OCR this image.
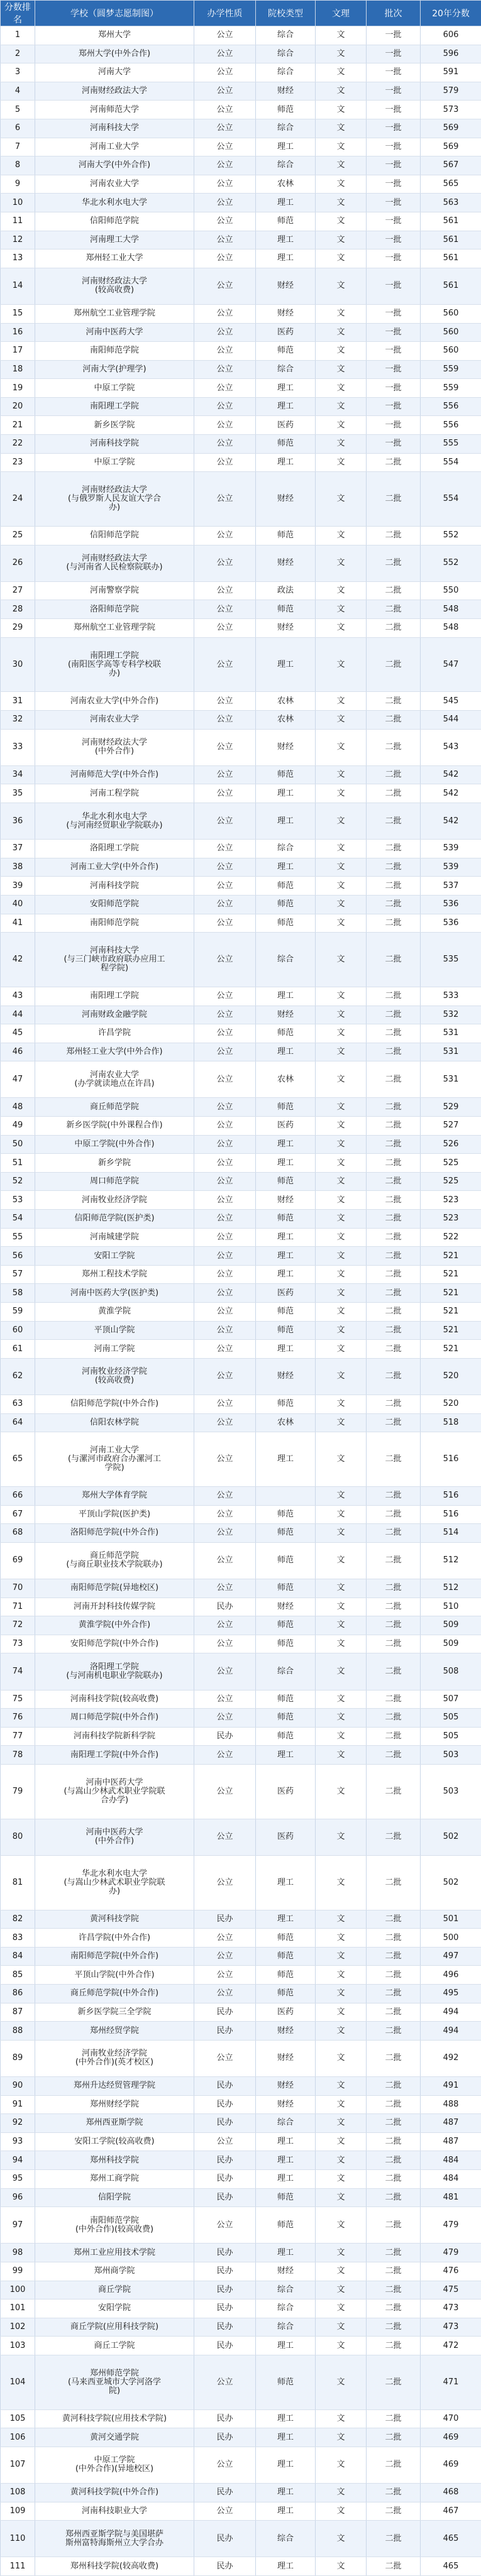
分数排名	学校（圆梦志愿制图）	办学性质	院校类型	文理	批次	20年分数
1	郑州大学	公立	综合	文	一批	606
2	郑州大学(中外合作)	公立	综合	文	一批	596
3	河南大学	公立	综合	文	一批	591
4	河南财经政法大学	公立	财经	文	一批	579
5	河南师范大学	公立	师范	文	一批	573
6	河南科技大学	公立	综合	文	一批	569
7	河南工业大学	公立	理工	文	一批	569
8	河南大学(中外合作)	公立	综合	文	一批	567
9	河南农业大学	公立	农林	文	一批	565
10	华北水利水电大学	公立	理工	文	一批	563
11	信阳师范学院	公立	师范	文	一批	561
12	河南理工大学	公立	理工	文	一批	561
13	郑州轻工业大学	公立	理工	文	一批	561
14	河南财经政法大学
(较高收费)	公立	财经	文	一批	561
15	郑州航空工业管理学院	公立	财经	文	一批	560
16	河南中医药大学	公立	医药	文	一批	560
17	南阳师范学院	公立	师范	文	一批	560
18	河南大学(护理学)	公立	综合	文	一批	559
19	中原工学院	公立	理工	文	一批	559
20	南阳理工学院	公立	理工	文	一批	556
21	新乡医学院	公立	医药	文	一批	556
22	河南科技学院	公立	师范	文	一批	555
23	中原工学院	公立	理工	文	二批	554
24	河南财经政法大学
(与俄罗斯人民友谊大学合
办)	公立	财经	文	二批	554
25	信阳师范学院	公立	师范	文	二批	552
26	河南财经政法大学
(与河南省人民检察院联办)	公立	财经	文	二批	552
27	河南警察学院	公立	政法	文	二批	550
28	洛阳师范学院	公立	师范	文	二批	548
29	郑州航空工业管理学院	公立	财经	文	二批	548
30	南阳理工学院
(南阳医学高等专科学校联
办)	公立	理工	文	二批	547
31	河南农业大学(中外合作)	公立	农林	文	二批	545
32	河南农业大学	公立	农林	文	二批	544
33	河南财经政法大学
(中外合作)	公立	财经	文	二批	543
34	河南师范大学(中外合作)	公立	师范	文	二批	542
35	河南工程学院	公立	理工	文	二批	542
36	华北水利水电大学
(与河南经贸职业学院联办)	公立	理工	文	二批	542
37	洛阳理工学院	公立	综合	文	二批	539
38	河南工业大学(中外合作)	公立	理工	文	二批	539
39	河南科技学院	公立	师范	文	二批	537
40	安阳师范学院	公立	师范	文	二批	536
41	南阳师范学院	公立	师范	文	二批	536
42	河南科技大学
(与三门峡市政府联办应用工
程学院)	公立	综合	文	二批	535
43	南阳理工学院	公立	理工	文	二批	533
44	河南财政金融学院	公立	财经	文	二批	532
45	许昌学院	公立	师范	文	二批	531
46	郑州轻工业大学(中外合作)	公立	理工	文	二批	531
47	河南农业大学
(办学就读地点在许昌)	公立	农林	文	二批	531
48	商丘师范学院	公立	师范	文	二批	529
49	新乡医学院(中外课程合作)	公立	医药	文	二批	527
50	中原工学院(中外合作)	公立	理工	文	二批	526
51	新乡学院	公立	理工	文	二批	525
52	周口师范学院	公立	师范	文	二批	525
53	河南牧业经济学院	公立	财经	文	二批	523
54	信阳师范学院(医护类)	公立	师范	文	二批	523
55	河南城建学院	公立	理工	文	二批	522
56	安阳工学院	公立	理工	文	二批	521
57	郑州工程技术学院	公立	理工	文	二批	521
58	河南中医药大学(医护类)	公立	医药	文	二批	521
59	黄淮学院	公立	师范	文	二批	521
60	平顶山学院	公立	师范	文	二批	521
61	河南工学院	公立	理工	文	二批	521
62	河南牧业经济学院
(较高收费)	公立	财经	文	二批	520
63	信阳师范学院(中外合作)	公立	师范	文	二批	520
64	信阳农林学院	公立	农林	文	二批	518
65	河南工业大学
(与漯河市政府合办漯河工
学院)	公立	理工	文	二批	516
66	郑州大学体育学院	公立		文	二批	516
67	平顶山学院(医护类)	公立	师范	文	二批	516
68	洛阳师范学院(中外合作)	公立	师范	文	二批	514
69	商丘师范学院
(与商丘职业技术学院联办)	公立	师范	文	二批	512
70	南阳师范学院(异地校区)	公立	师范	文	二批	512
71	河南开封科技传媒学院	民办	财经	文	二批	510
72	黄淮学院(中外合作)	公立	师范	文	二批	509
73	安阳师范学院(中外合作)	公立	师范	文	二批	509
74	洛阳理工学院
(与河南机电职业学院联办)	公立	综合	文	二批	508
75	河南科技学院(较高收费)	公立	师范	文	二批	507
76	周口师范学院(中外合作)	公立	师范	文	二批	505
77	河南科技学院新科学院	民办	师范	文	二批	505
78	南阳理工学院(中外合作)	公立	理工	文	二批	503
79	河南中医药大学
(与嵩山少林武术职业学院联
合办学)	公立	医药	文	二批	503
80	河南中医药大学
(中外合作)	公立	医药	文	二批	502
81	华北水利水电大学
(与嵩山少林武术职业学院联
办)	公立	理工	文	二批	502
82	黄河科技学院	民办	理工	文	二批	501
83	许昌学院(中外合作)	公立	师范	文	二批	500
84	南阳师范学院(中外合作)	公立	师范	文	二批	497
85	平顶山学院(中外合作)	公立	师范	文	二批	496
86	商丘师范学院(中外合作)	公立	师范	文	二批	495
87	新乡医学院三全学院	民办	医药	文	二批	494
88	郑州经贸学院	民办	财经	文	二批	494
89	河南牧业经济学院
(中外合作)(英才校区)	公立	财经	文	二批	492
90	郑州升达经贸管理学院	民办	财经	文	二批	491
91	郑州财经学院	民办	财经	文	二批	488
92	郑州西亚斯学院	民办	综合	文	二批	487
93	安阳工学院(较高收费)	公立	理工	文	二批	487
94	郑州科技学院	民办	理工	文	二批	484
95	郑州工商学院	民办	理工	文	二批	484
96	信阳学院	民办	师范	文	二批	481
97	南阳师范学院
(中外合作)(较高收费)	公立	师范	文	二批	479
98	郑州工业应用技术学院	民办	理工	文	二批	479
99	郑州商学院	民办	财经	文	二批	476
100	商丘学院	民办	综合	文	二批	475
101	安阳学院	民办	综合	文	二批	473
102	商丘学院(应用科技学院)	民办	综合	文	二批	473
103	商丘工学院	民办	理工	文	二批	472
104	郑州师范学院
(马来西亚城市大学河洛学
院)	公立	师范	文	二批	471
105	黄河科技学院(应用技术学院)	民办	理工	文	二批	470
106	黄河交通学院	民办	理工	文	二批	469
107	中原工学院
(中外合作)(异地校区)	公立	理工	文	二批	469
108	黄河科技学院(中外合作)	民办	理工	文	二批	468
109	河南科技职业大学	公立	理工	文	二批	467
110	郑州西亚斯学院与美国堪萨
斯州富特海斯州立大学合办	民办	综合	文	二批	465
111	郑州科技学院(较高收费)	民办	理工	文	二批	465
